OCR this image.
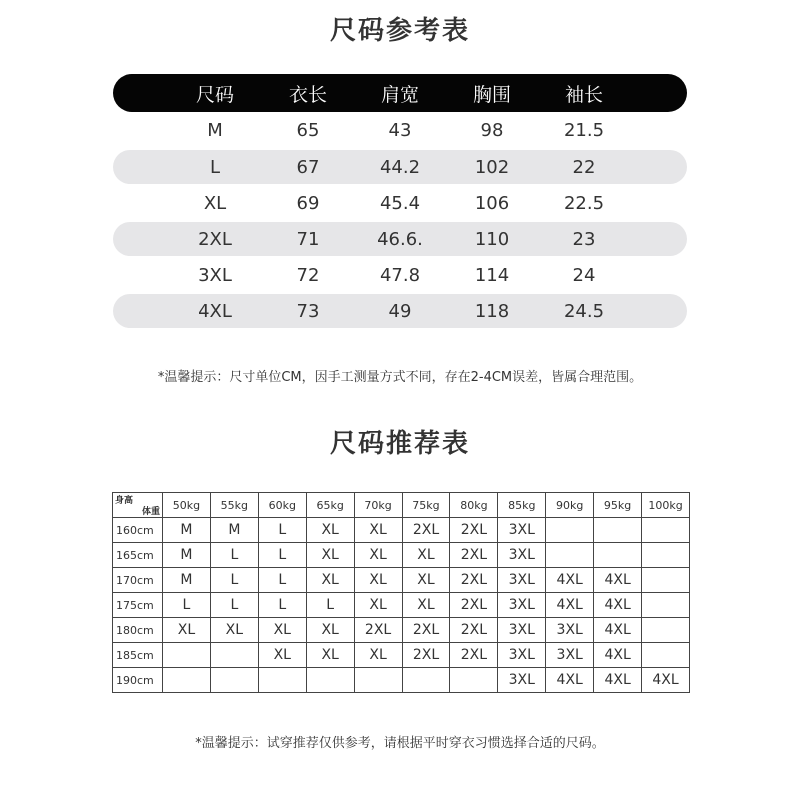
尺码参考表
尺码	衣长	肩宽	胸围	袖长
M	65	43	98	21.5
L	67	44.2	102	22
XL	69	45.4	106	22.5
2XL	71	46.6.	110	23
3XL	72	47.8	114	24
4XL	73	49	118	24.5
*温馨提示：尺寸单位CM，因手工测量方式不同，存在2-4CM误差，皆属合理范围。
尺码推荐表
身高
体重	50kg	55kg	60kg	65kg	70kg	75kg	80kg	85kg	90kg	95kg	100kg
160cm	M	M	L	XL	XL	2XL	2XL	3XL			
165cm	M	L	L	XL	XL	XL	2XL	3XL			
170cm	M	L	L	XL	XL	XL	2XL	3XL	4XL	4XL	
175cm	L	L	L	L	XL	XL	2XL	3XL	4XL	4XL	
180cm	XL	XL	XL	XL	2XL	2XL	2XL	3XL	3XL	4XL	
185cm			XL	XL	XL	2XL	2XL	3XL	3XL	4XL	
190cm								3XL	4XL	4XL	4XL
*温馨提示：试穿推荐仅供参考，请根据平时穿衣习惯选择合适的尺码。
